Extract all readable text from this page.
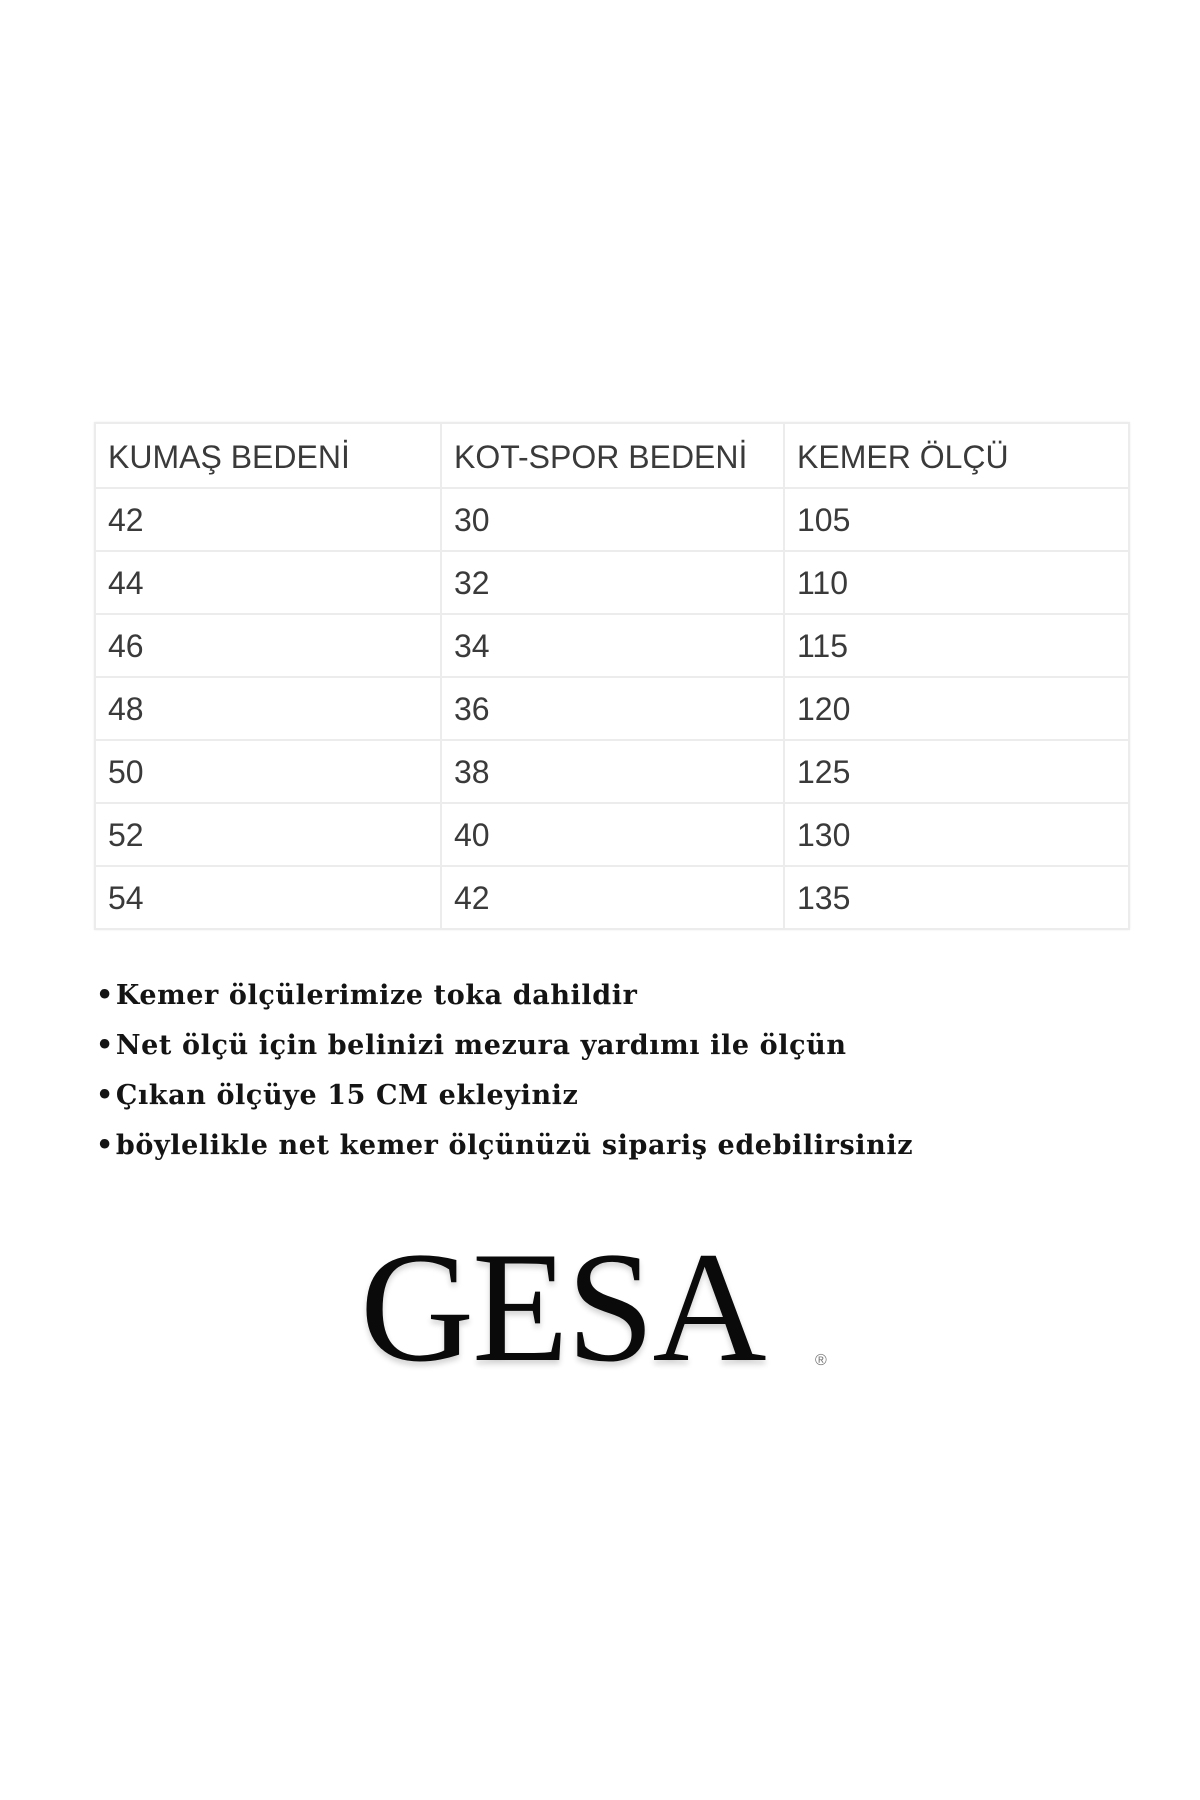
KUMAŞ BEDENİ	KOT-SPOR BEDENİ	KEMER ÖLÇÜ
42	30	105
44	32	110
46	34	115
48	36	120
50	38	125
52	40	130
54	42	135
•Kemer ölçülerimize toka dahildir
•Net ölçü için belinizi mezura yardımı ile ölçün
•Çıkan ölçüye 15 CM ekleyiniz
•böylelikle net kemer ölçünüzü sipariş edebilirsiniz
GESA	®
